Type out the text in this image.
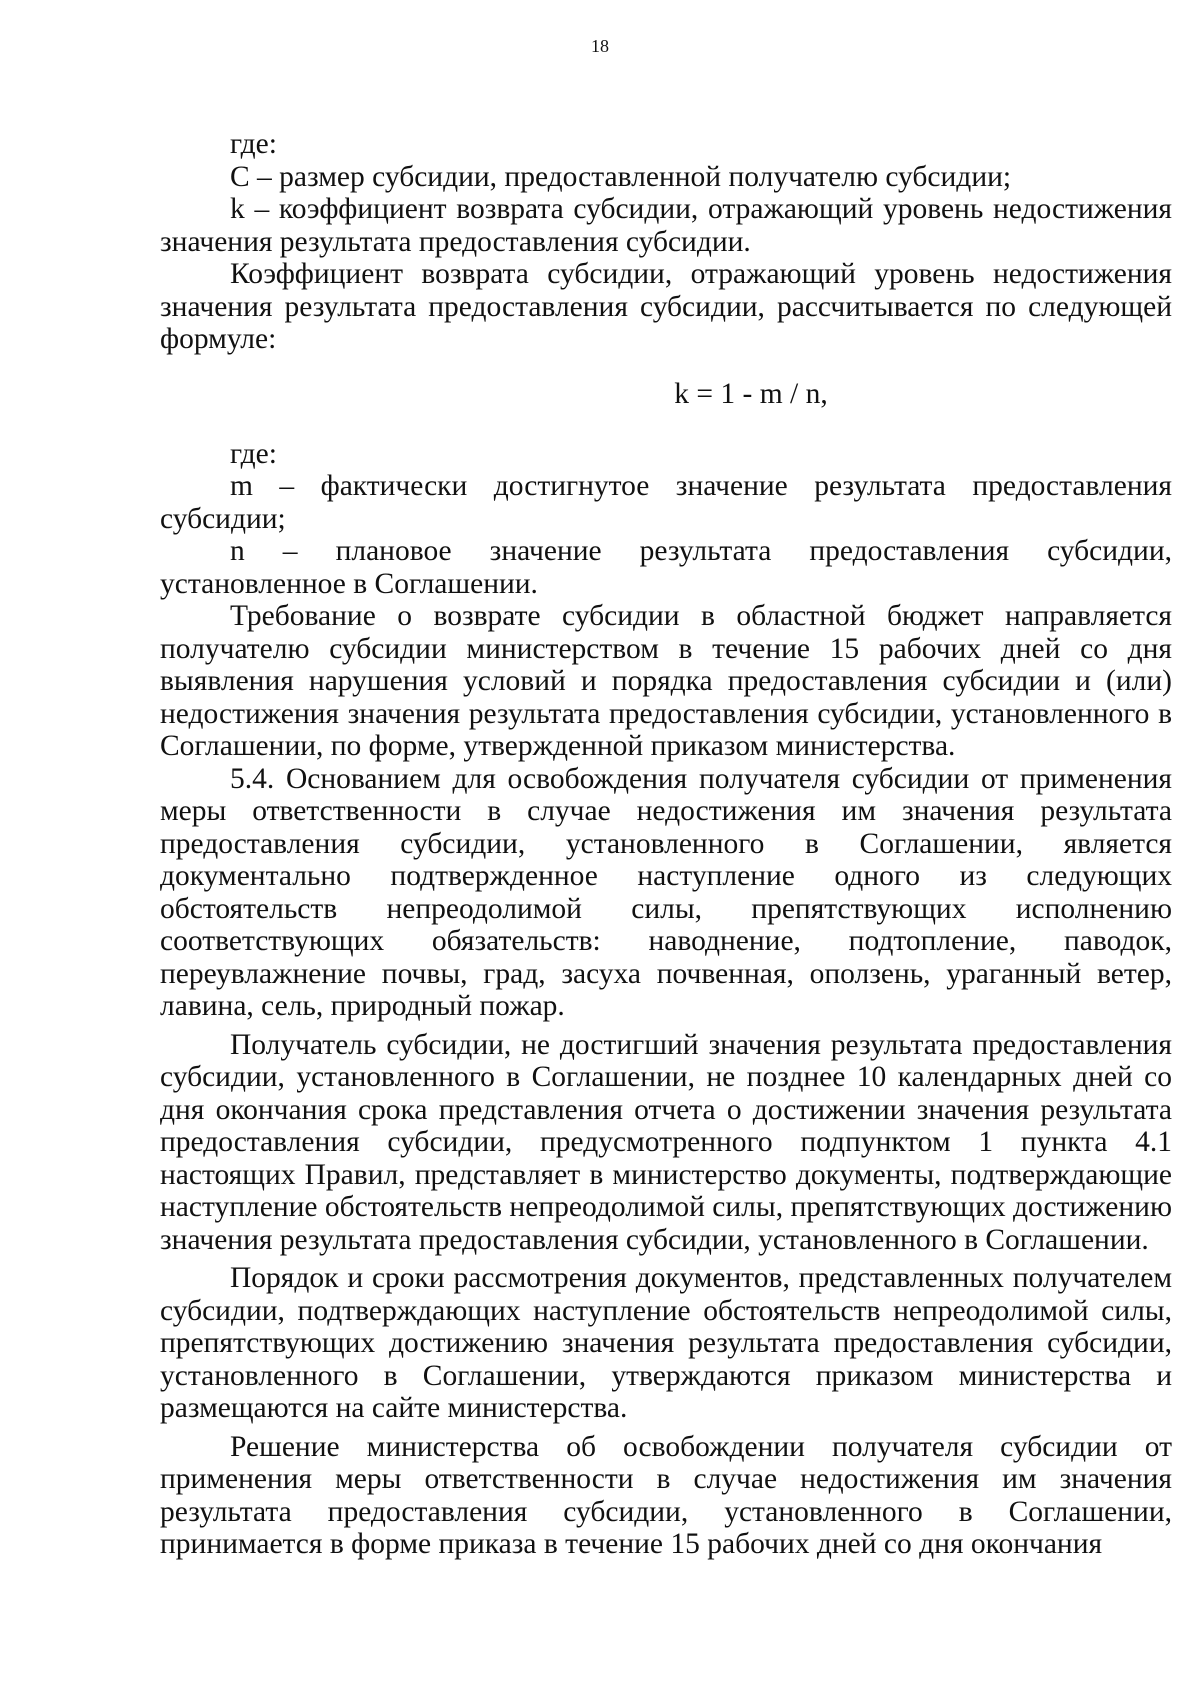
18

где:

С – размер субсидии, предоставленной получателю субсидии;

k – коэффициент возврата субсидии, отражающий уровень недостижения значения результата предоставления субсидии.

Коэффициент возврата субсидии, отражающий уровень недостижения значения результата предоставления субсидии, рассчитывается по следующей формуле:

k = 1 - m / n,

где:

m – фактически достигнутое значение результата предоставления субсидии;

n – плановое значение результата предоставления субсидии, установленное в Соглашении.

Требование о возврате субсидии в областной бюджет направляется получателю субсидии министерством в течение 15 рабочих дней со дня выявления нарушения условий и порядка предоставления субсидии и (или) недостижения значения результата предоставления субсидии, установленного в Соглашении, по форме, утвержденной приказом министерства.

5.4. Основанием для освобождения получателя субсидии от применения меры ответственности в случае недостижения им значения результата предоставления субсидии, установленного в Соглашении, является документально подтвержденное наступление одного из следующих обстоятельств непреодолимой силы, препятствующих исполнению соответствующих обязательств: наводнение, подтопление, паводок, переувлажнение почвы, град, засуха почвенная, оползень, ураганный ветер, лавина, сель, природный пожар.

Получатель субсидии, не достигший значения результата предоставления субсидии, установленного в Соглашении, не позднее 10 календарных дней со дня окончания срока представления отчета о достижении значения результата предоставления субсидии, предусмотренного подпунктом 1 пункта 4.1 настоящих Правил, представляет в министерство документы, подтверждающие наступление обстоятельств непреодолимой силы, препятствующих достижению значения результата предоставления субсидии, установленного в Соглашении.

Порядок и сроки рассмотрения документов, представленных получателем субсидии, подтверждающих наступление обстоятельств непреодолимой силы, препятствующих достижению значения результата предоставления субсидии, установленного в Соглашении, утверждаются приказом министерства и размещаются на сайте министерства.

Решение министерства об освобождении получателя субсидии от применения меры ответственности в случае недостижения им значения результата предоставления субсидии, установленного в Соглашении, принимается в форме приказа в течение 15 рабочих дней со дня окончания
